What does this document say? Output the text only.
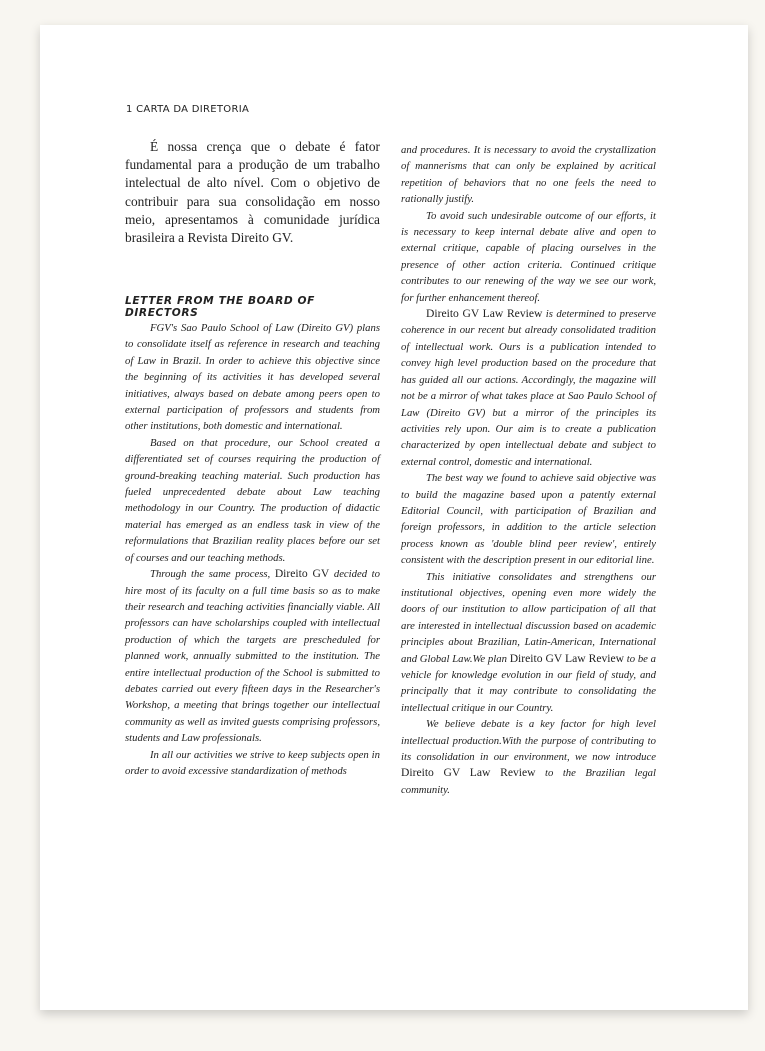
1 CARTA DA DIRETORIA

É nossa crença que o debate é fator fundamental para a produção de um trabalho intelectual de alto nível. Com o objetivo de contribuir para sua consolidação em nosso meio, apresentamos à comunidade jurídica brasileira a Revista Direito GV.

LETTER FROM THE BOARD OF DIRECTORS

FGV's Sao Paulo School of Law (Direito GV) plans to consolidate itself as reference in research and teaching of Law in Brazil. In order to achieve this objective since the beginning of its activities it has developed several initiatives, always based on debate among peers open to external participation of professors and students from other institutions, both domestic and international.

Based on that procedure, our School created a differentiated set of courses requiring the production of ground-breaking teaching material. Such production has fueled unprecedented debate about Law teaching methodology in our Country. The production of didactic material has emerged as an endless task in view of the reformulations that Brazilian reality places before our set of courses and our teaching methods.

Through the same process, Direito GV decided to hire most of its faculty on a full time basis so as to make their research and teaching activities financially viable. All professors can have scholarships coupled with intellectual production of which the targets are prescheduled for planned work, annually submitted to the institution. The entire intellectual production of the School is submitted to debates carried out every fifteen days in the Researcher's Workshop, a meeting that brings together our intellectual community as well as invited guests comprising professors, students and Law professionals.

In all our activities we strive to keep subjects open in order to avoid excessive standardization of methods

and procedures. It is necessary to avoid the crystallization of mannerisms that can only be explained by acritical repetition of behaviors that no one feels the need to rationally justify.

To avoid such undesirable outcome of our efforts, it is necessary to keep internal debate alive and open to external critique, capable of placing ourselves in the presence of other action criteria. Continued critique contributes to our renewing of the way we see our work, for further enhancement thereof.

Direito GV Law Review is determined to preserve coherence in our recent but already consolidated tradition of intellectual work. Ours is a publication intended to convey high level production based on the procedure that has guided all our actions. Accordingly, the magazine will not be a mirror of what takes place at Sao Paulo School of Law (Direito GV) but a mirror of the principles its activities rely upon. Our aim is to create a publication characterized by open intellectual debate and subject to external control, domestic and international.

The best way we found to achieve said objective was to build the magazine based upon a patently external Editorial Council, with participation of Brazilian and foreign professors, in addition to the article selection process known as 'double blind peer review', entirely consistent with the description present in our editorial line.

This initiative consolidates and strengthens our institutional objectives, opening even more widely the doors of our institution to allow participation of all that are interested in intellectual discussion based on academic principles about Brazilian, Latin-American, International and Global Law.We plan Direito GV Law Review to be a vehicle for knowledge evolution in our field of study, and principally that it may contribute to consolidating the intellectual critique in our Country.

We believe debate is a key factor for high level intellectual production.With the purpose of contributing to its consolidation in our environment, we now introduce Direito GV Law Review to the Brazilian legal community.
